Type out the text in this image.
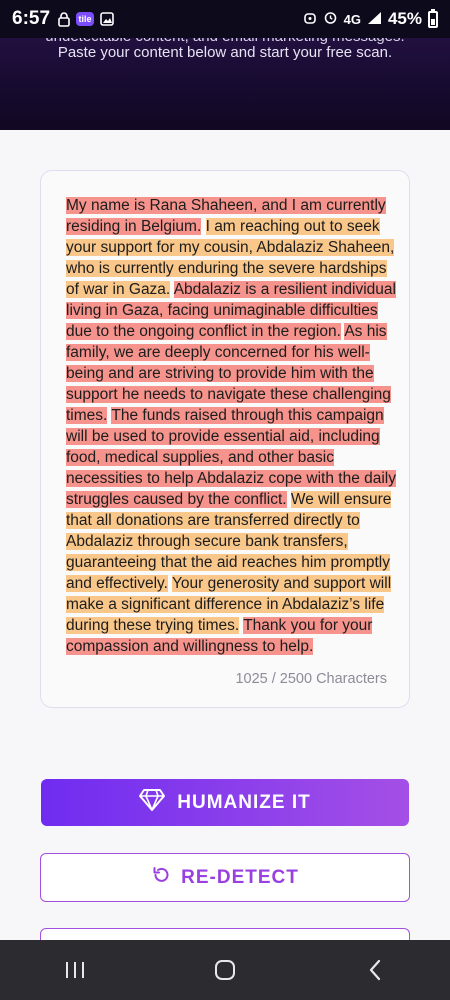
6:57	tile	4G 45%
Paste your content below and start your free scan.
My name is Rana Shaheen, and I am currently residing in Belgium. I am reaching out to seek your support for my cousin, Abdalaziz Shaheen, who is currently enduring the severe hardships of war in Gaza. Abdalaziz is a resilient individual living in Gaza, facing unimaginable difficulties due to the ongoing conflict in the region. As his family, we are deeply concerned for his well-being and are striving to provide him with the support he needs to navigate these challenging times. The funds raised through this campaign will be used to provide essential aid, including food, medical supplies, and other basic necessities to help Abdalaziz cope with the daily struggles caused by the conflict. We will ensure that all donations are transferred directly to Abdalaziz through secure bank transfers, guaranteeing that the aid reaches him promptly and effectively. Your generosity and support will make a significant difference in Abdalaziz’s life during these trying times. Thank you for your compassion and willingness to help.
1025 / 2500 Characters
HUMANIZE IT
RE-DETECT
